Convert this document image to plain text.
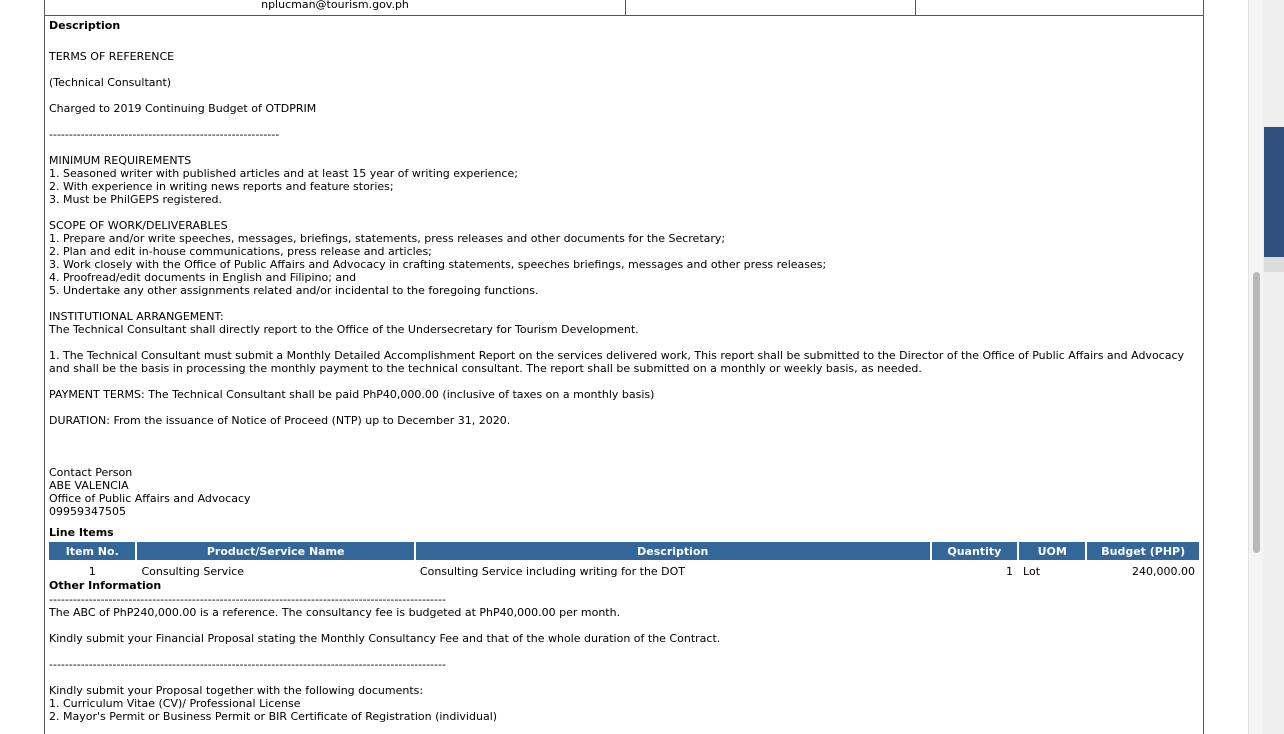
nplucman@tourism.gov.ph
Description
TERMS OF REFERENCE
(Technical Consultant)
Charged to 2019 Continuing Budget of OTDPRIM
----------------------------------------------------------
MINIMUM REQUIREMENTS
1. Seasoned writer with published articles and at least 15 year of writing experience;
2. With experience in writing news reports and feature stories;
3. Must be PhilGEPS registered.
SCOPE OF WORK/DELIVERABLES
1. Prepare and/or write speeches, messages, briefings, statements, press releases and other documents for the Secretary;
2. Plan and edit in-house communications, press release and articles;
3. Work closely with the Office of Public Affairs and Advocacy in crafting statements, speeches briefings, messages and other press releases;
4. Proofread/edit documents in English and Filipino; and
5. Undertake any other assignments related and/or incidental to the foregoing functions.
INSTITUTIONAL ARRANGEMENT:
The Technical Consultant shall directly report to the Office of the Undersecretary for Tourism Development.
1. The Technical Consultant must submit a Monthly Detailed Accomplishment Report on the services delivered work, This report shall be submitted to the Director of the Office of Public Affairs and Advocacy
and shall be the basis in processing the monthly payment to the technical consultant. The report shall be submitted on a monthly or weekly basis, as needed.
PAYMENT TERMS: The Technical Consultant shall be paid PhP40,000.00 (inclusive of taxes on a monthly basis)
DURATION: From the issuance of Notice of Proceed (NTP) up to December 31, 2020.
Contact Person
ABE VALENCIA
Office of Public Affairs and Advocacy
09959347505
Line Items
Item No.	Product/Service Name	Description	Quantity	UOM	Budget (PHP)
1	Consulting Service	Consulting Service including writing for the DOT	1	Lot	240,000.00
Other Information
----------------------------------------------------------------------------------------------------
The ABC of PhP240,000.00 is a reference. The consultancy fee is budgeted at PhP40,000.00 per month.
Kindly submit your Financial Proposal stating the Monthly Consultancy Fee and that of the whole duration of the Contract.
----------------------------------------------------------------------------------------------------
Kindly submit your Proposal together with the following documents:
1. Curriculum Vitae (CV)/ Professional License
2. Mayor's Permit or Business Permit or BIR Certificate of Registration (individual)
